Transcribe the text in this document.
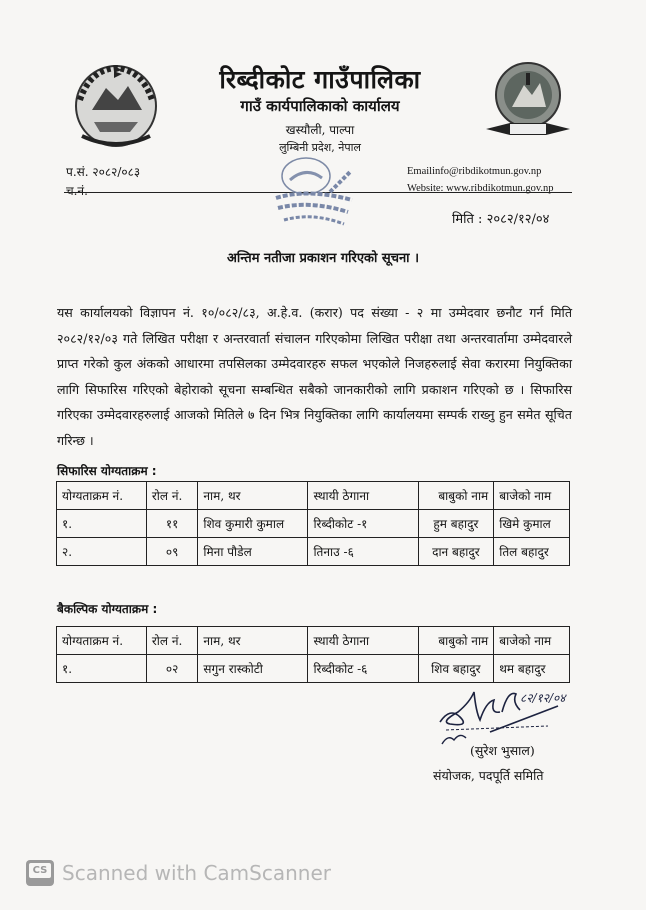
रिब्दीकोट गाउँपालिका
गाउँ कार्यपालिकाको कार्यालय
खस्यौली, पाल्पा
लुम्बिनी प्रदेश, नेपाल
प.सं. २०८२/०८३
च.नं.
Emailinfo@ribdikotmun.gov.np
Website: www.ribdikotmun.gov.np
मिति : २०८२/१२/०४
अन्तिम नतीजा प्रकाशन गरिएको सूचना ।
यस कार्यालयको विज्ञापन नं. १०/०८२/८३, अ.हे.व. (करार) पद संख्या - २ मा उम्मेदवार छनौट गर्न मिति २०८२/१२/०३ गते लिखित परीक्षा र अन्तरवार्ता संचालन गरिएकोमा लिखित परीक्षा तथा अन्तरवार्तामा उम्मेदवारले प्राप्त गरेको कुल अंकको आधारमा तपसिलका उम्मेदवारहरु सफल भएकोले निजहरुलाई सेवा करारमा नियुक्तिका लागि सिफारिस गरिएको बेहोराको सूचना सम्बन्धित सबैको जानकारीको लागि प्रकाशन गरिएको छ । सिफारिस गरिएका उम्मेदवारहरुलाई आजको मितिले ७ दिन भित्र नियुक्तिका लागि कार्यालयमा सम्पर्क राख्नु हुन समेत सूचित गरिन्छ ।
सिफारिस योग्यताक्रम :
योग्यताक्रम नं.	रोल नं.	नाम, थर	स्थायी ठेगाना	बाबुको नाम	बाजेको नाम
१.	११	शिव कुमारी कुमाल	रिब्दीकोट -१	हुम बहादुर	खिमे कुमाल
२.	०९	मिना पौडेल	तिनाउ -६	दान बहादुर	तिल बहादुर
बैकल्पिक योग्यताक्रम :
योग्यताक्रम नं.	रोल नं.	नाम, थर	स्थायी ठेगाना	बाबुको नाम	बाजेको नाम
१.	०२	सगुन रास्कोटी	रिब्दीकोट -६	शिव बहादुर	थम बहादुर
८२/१२/०४
(सुरेश भुसाल)
संयोजक, पदपूर्ति समिति
CS Scanned with CamScanner
